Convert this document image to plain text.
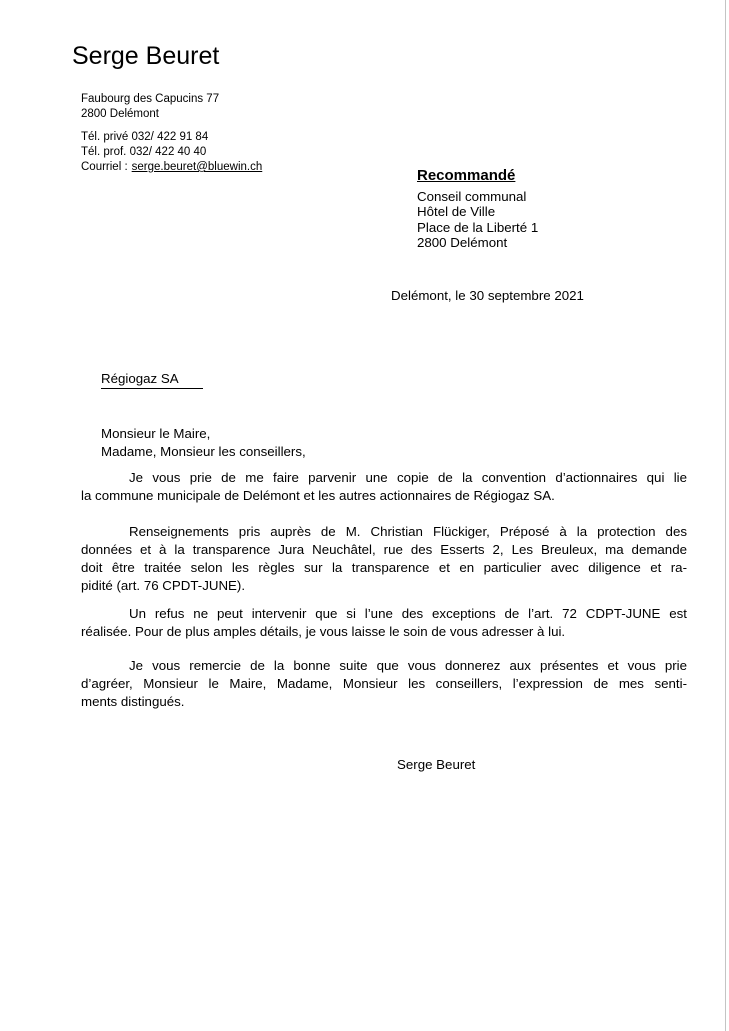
Serge Beuret
Faubourg des Capucins 77
2800 Delémont
Tél. privé 032/ 422 91 84
Tél. prof. 032/ 422 40 40
Courriel : serge.beuret@bluewin.ch	Recommandé
Conseil communal
Hôtel de Ville
Place de la Liberté 1
2800 Delémont
Delémont, le 30 septembre 2021
Régiogaz SA
Monsieur le Maire,
Madame, Monsieur les conseillers,
Je vous prie de me faire parvenir une copie de la convention d’actionnaires qui lie
la commune municipale de Delémont et les autres actionnaires de Régiogaz SA.
Renseignements pris auprès de M. Christian Flückiger, Préposé à la protection des
données et à la transparence Jura Neuchâtel, rue des Esserts 2, Les Breuleux, ma demande
doit être traitée selon les règles sur la transparence et en particulier avec diligence et ra-
pidité (art. 76 CPDT-JUNE).
Un refus ne peut intervenir que si l’une des exceptions de l’art. 72 CDPT-JUNE est
réalisée. Pour de plus amples détails, je vous laisse le soin de vous adresser à lui.
Je vous remercie de la bonne suite que vous donnerez aux présentes et vous prie
d’agréer, Monsieur le Maire, Madame, Monsieur les conseillers, l’expression de mes senti-
ments distingués.
Serge Beuret
